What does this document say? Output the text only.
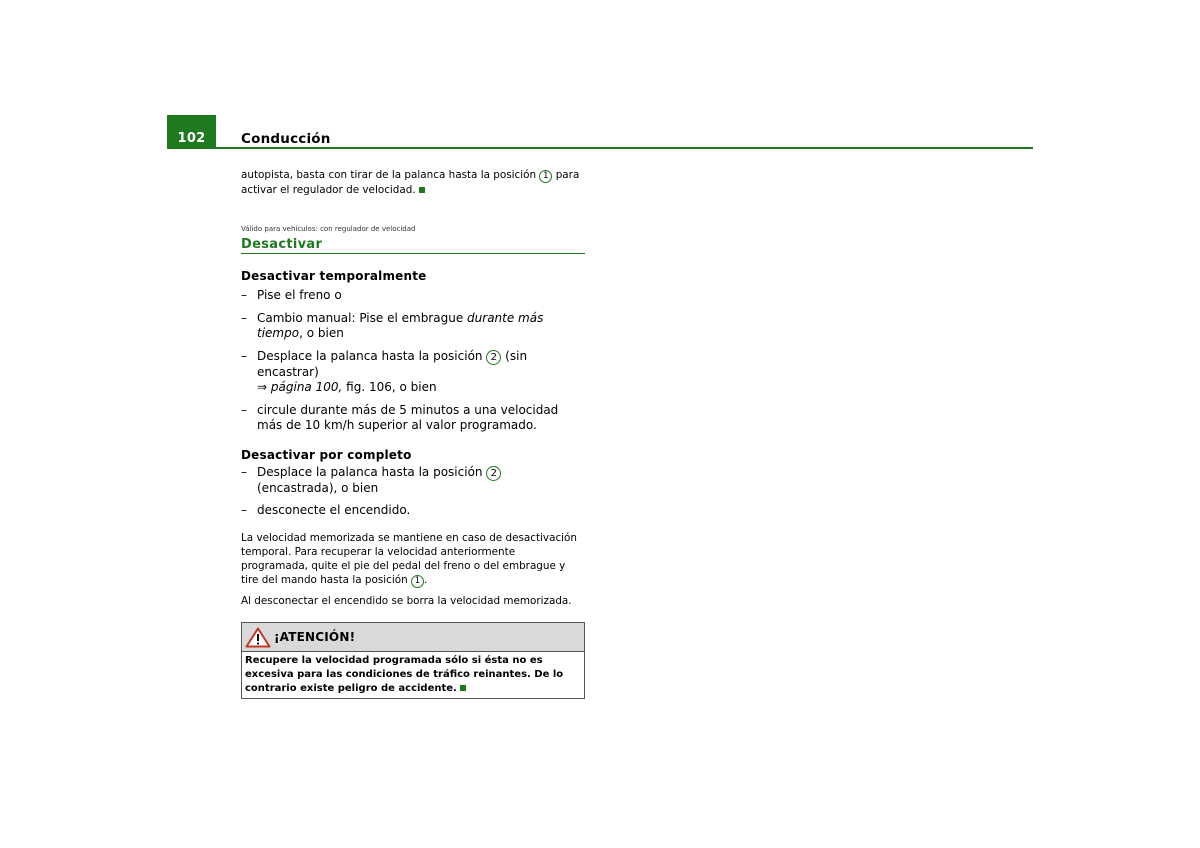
102	Conducción

autopista, basta con tirar de la palanca hasta la posición 1 para activar el regulador de velocidad.

Válido para vehículos: con regulador de velocidad
Desactivar
Desactivar temporalmente
– Pise el freno o
– Cambio manual: Pise el embrague durante más tiempo, o bien
– Desplace la palanca hasta la posición 2 (sin encastrar)
⇒ página 100, fig. 106, o bien
– circule durante más de 5 minutos a una velocidad más de 10 km/h superior al valor programado.
Desactivar por completo
– Desplace la palanca hasta la posición 2 (encastrada), o bien
– desconecte el encendido.

La velocidad memorizada se mantiene en caso de desactivación temporal. Para recuperar la velocidad anteriormente programada, quite el pie del pedal del freno o del embrague y tire del mando hasta la posición 1 .

Al desconectar el encendido se borra la velocidad memorizada.

¡ATENCIÓN!
Recupere la velocidad programada sólo si ésta no es excesiva para las condiciones de tráfico reinantes. De lo contrario existe peligro de accidente.
